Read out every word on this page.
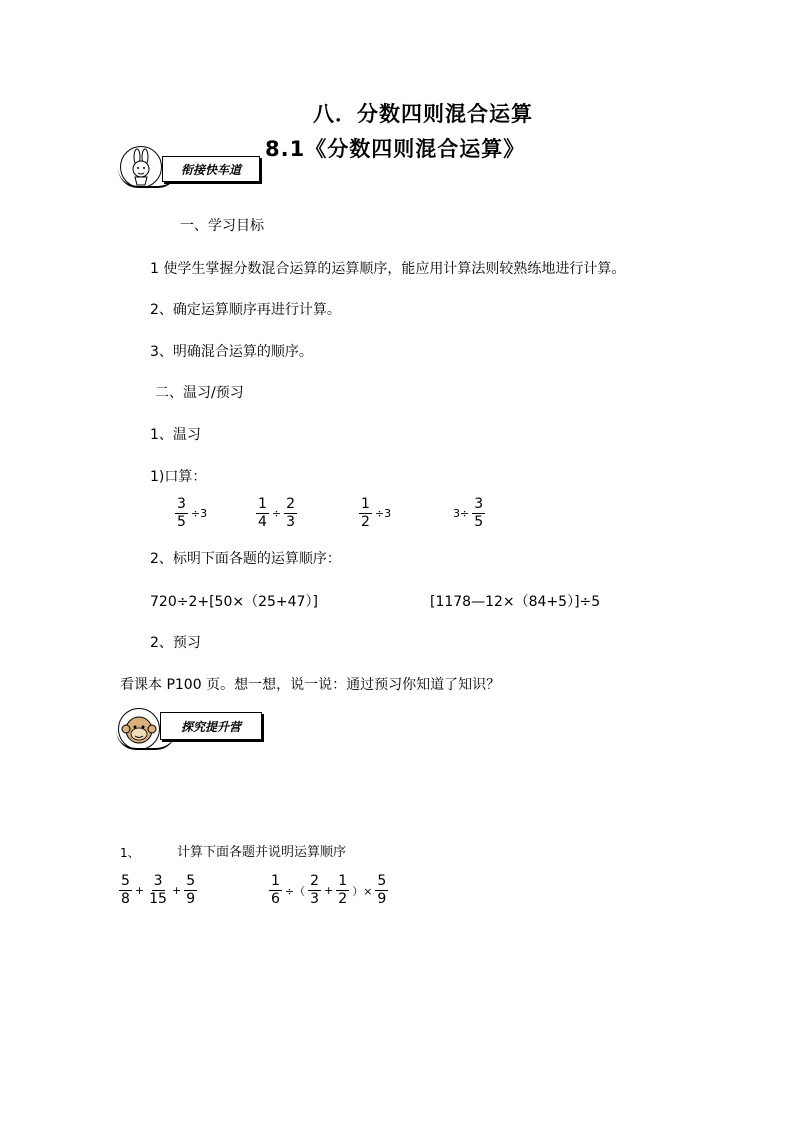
八．分数四则混合运算
8.1《分数四则混合运算》
衔接快车道
一、学习目标
1 使学生掌握分数混合运算的运算顺序，能应用计算法则较熟练地进行计算。
2、确定运算顺序再进行计算。
3、明确混合运算的顺序。
二、温习/预习
1、温习
1)口算：
$\frac{3}{5} \div 3$	$\frac{1}{4} \div \frac{2}{3}$	$\frac{1}{2} \div 3$	$3\div \frac{3}{5}$
2、标明下面各题的运算顺序：
720÷2+[50×（25+47）]	[1178—12×（84+5）]÷5
2、预习
看课本 P100 页。想一想，说一说：通过预习你知道了知识？
探究提升营
1、	计算下面各题并说明运算顺序
$\frac{5}{8} + \frac{3}{15} + \frac{5}{9}$	$\frac{1}{6}$ ÷（ $\frac{2}{3} + \frac{1}{2}$ ）× $\frac{5}{9}$
